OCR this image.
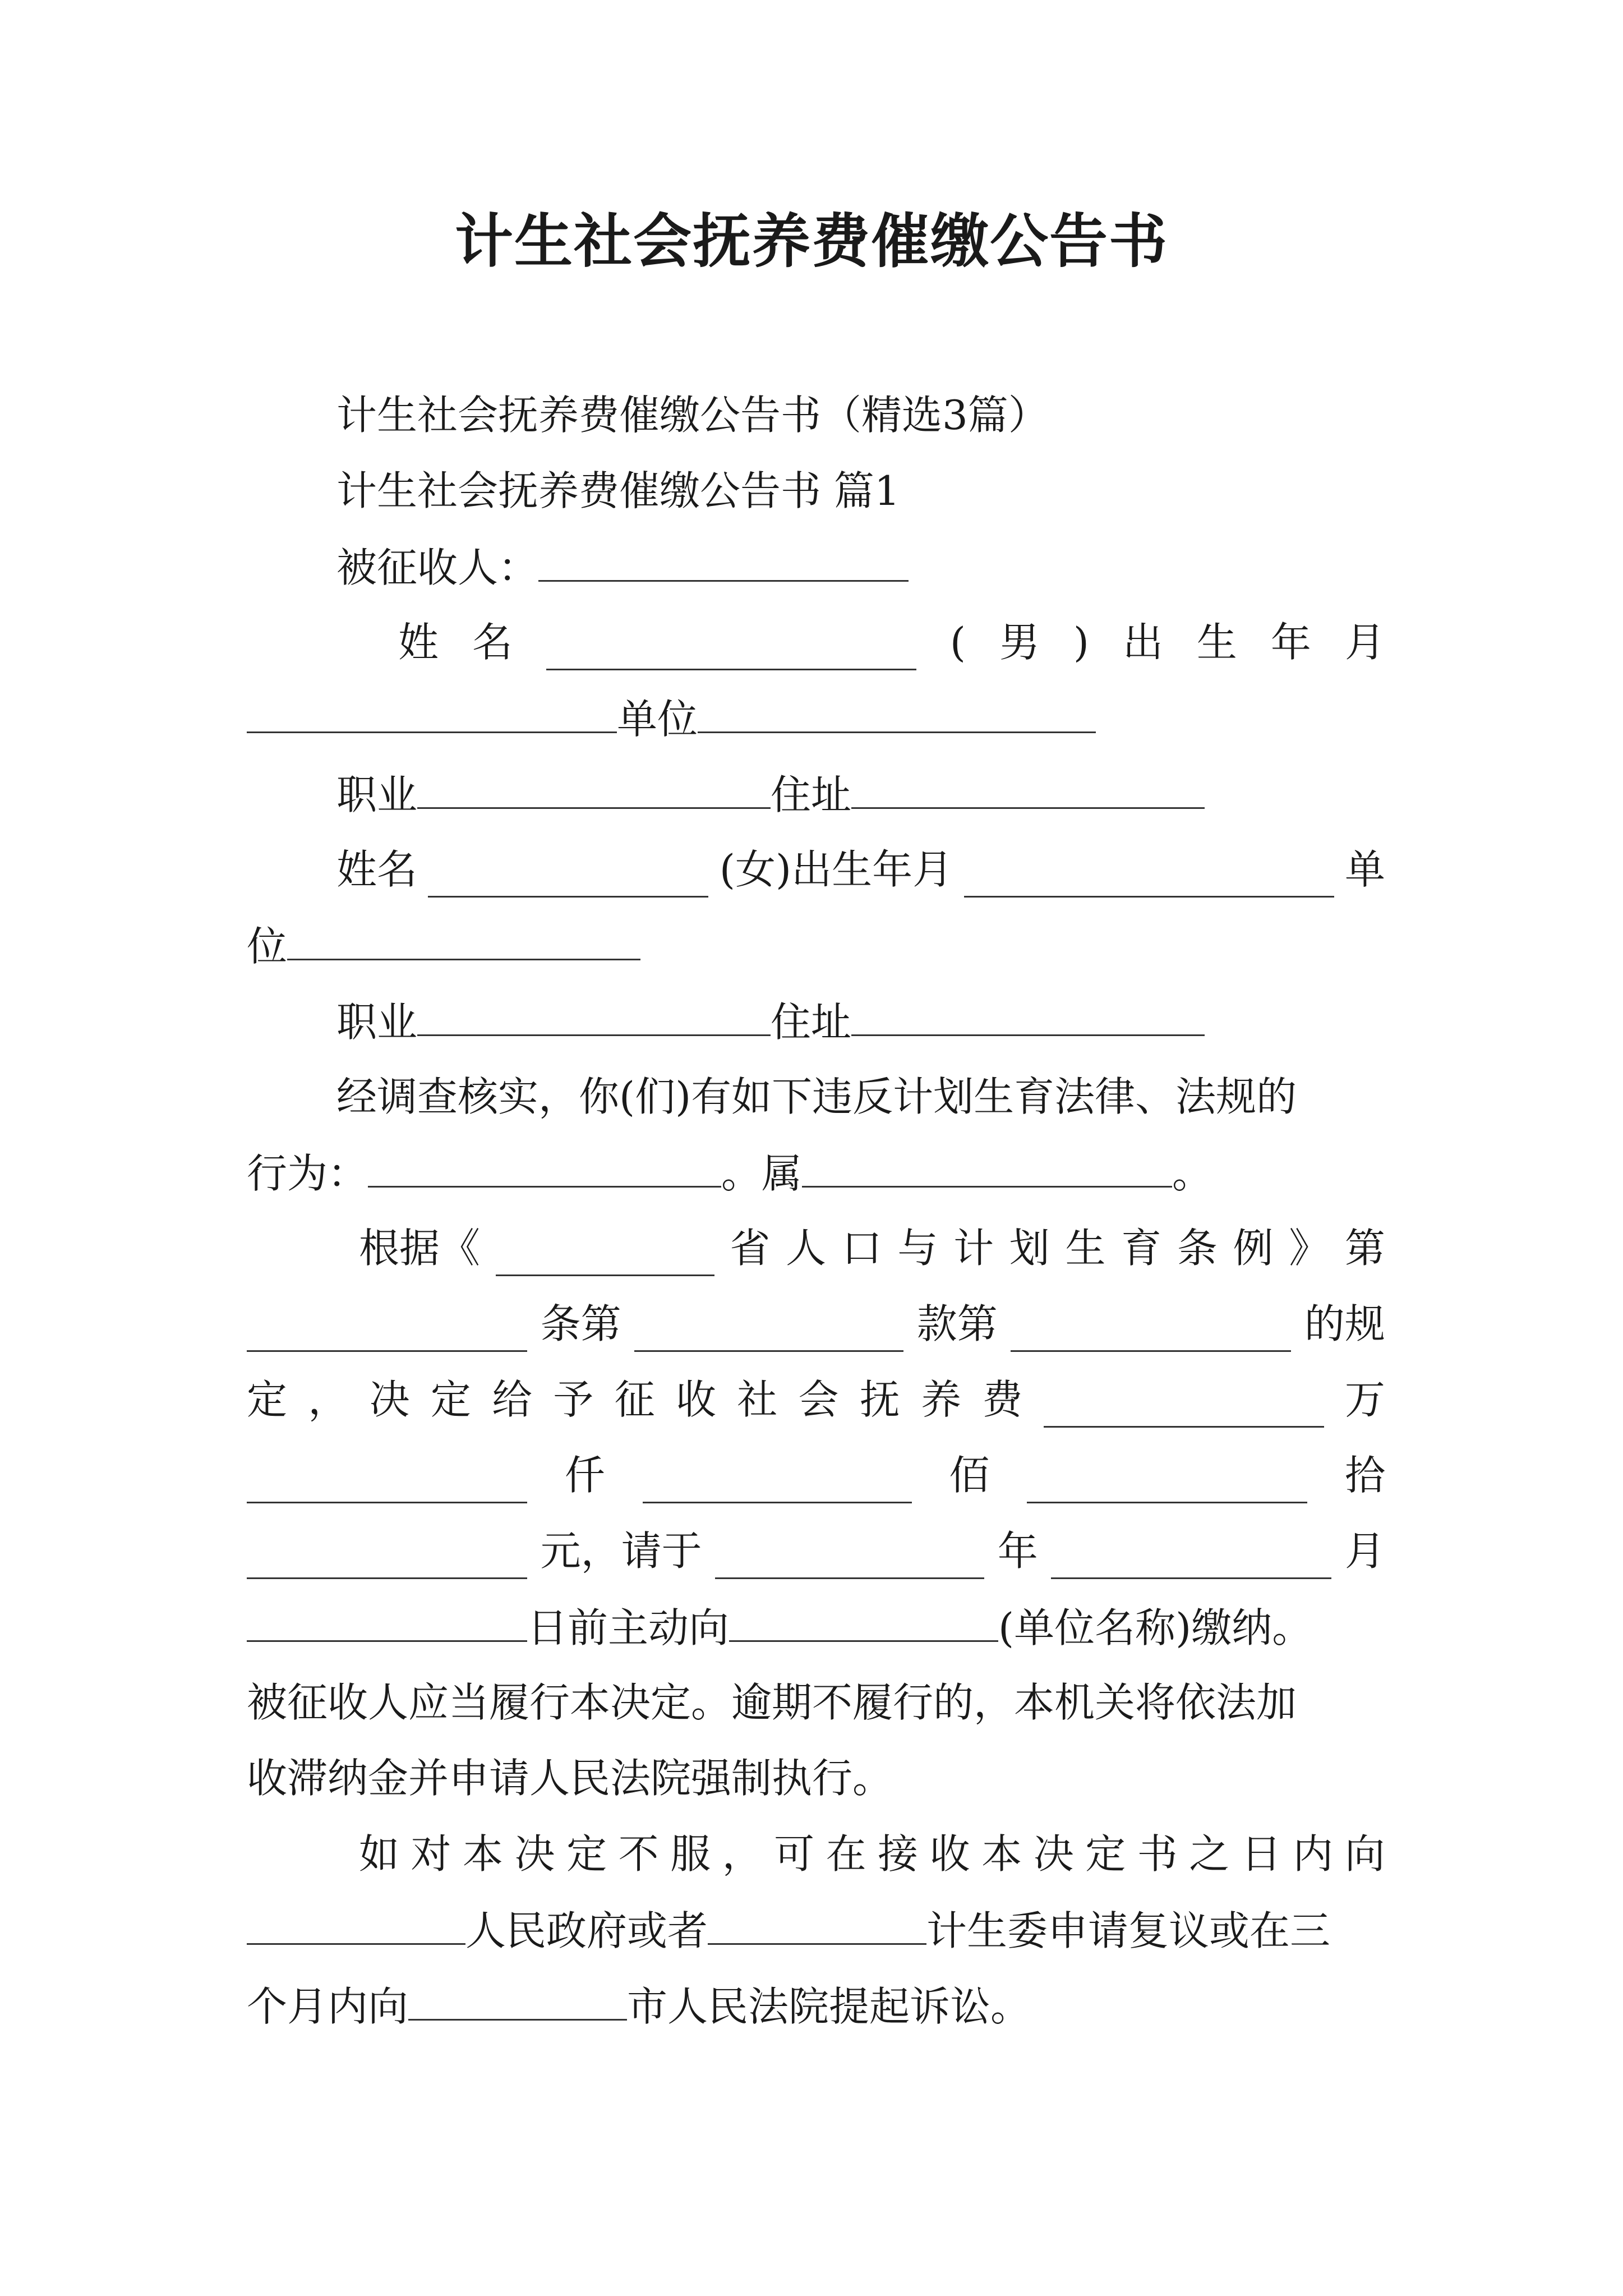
计生社会抚养费催缴公告书
计生社会抚养费催缴公告书（精选3篇）
计生社会抚养费催缴公告书 篇1
被征收人：
姓 名	( 男 ) 出 生 年 月
单位
职业	住址
姓名	(女)出生年月	单
位
职业	住址
经调查核实，你(们)有如下违反计划生育法律、法规的
行为：	。属	。
根据《	省 人 口 与 计 划 生 育 条 例 》 第
条第	款第	的规
定 ， 决 定 给 予 征 收 社 会 抚 养 费	万
仟	佰	拾
元，请于	年	月
日前主动向	(单位名称)缴纳。
被征收人应当履行本决定。逾期不履行的，本机关将依法加
收滞纳金并申请人民法院强制执行。
如 对 本 决 定 不 服 ， 可 在 接 收 本 决 定 书 之 日 内 向
人民政府或者	计生委申请复议或在三
个月内向	市人民法院提起诉讼。
